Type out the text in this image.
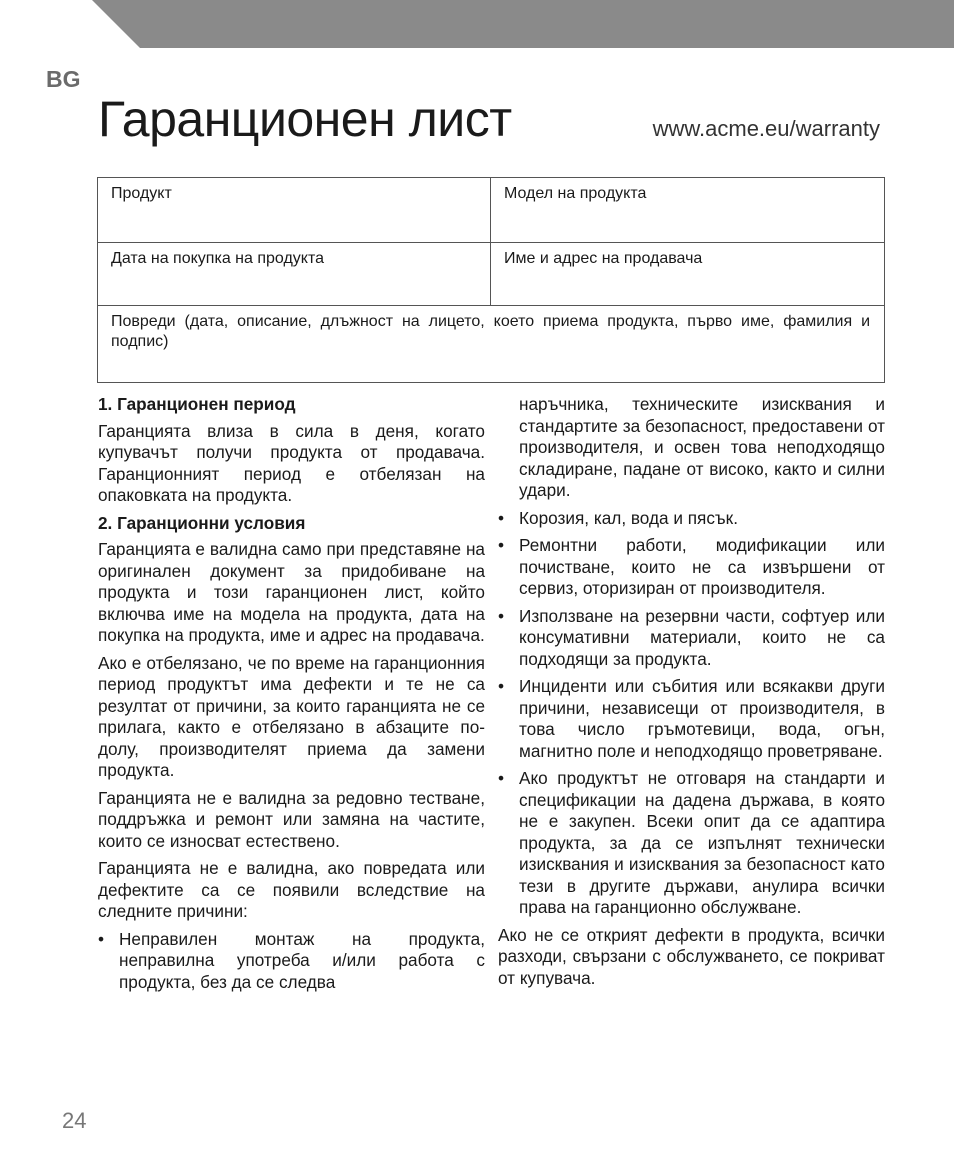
BG
Гаранционен лист	www.acme.eu/warranty
Продукт	Модел на продукта
Дата на покупка на продукта	Име и адрес на продавача
Повреди (дата, описание, длъжност на лицето, което приема продукта, първо име, фамилия и подпис)
1. Гаранционен период

Гаранцията влиза в сила в деня, когато купувачът получи продукта от продавача. Гаранционният период е отбелязан на опаковката на продукта.

2. Гаранционни условия

Гаранцията е валидна само при представяне на оригинален документ за придобиване на продукта и този гаранционен лист, който включва име на модела на продукта, дата на покупка на продукта, име и адрес на продавача.

Ако е отбелязано, че по време на гаранционния период продуктът има дефекти и те не са резултат от причини, за които гаранцията не се прилага, както е отбелязано в абзаците по-долу, производителят приема да замени продукта.

Гаранцията не е валидна за редовно тестване, поддръжка и ремонт или замяна на частите, които се износват естествено.

Гаранцията не е валидна, ако повредата или дефектите са се появили вследствие на следните причини:

• Неправилен монтаж на продукта, неправилна употреба и/или работа с продукта, без да се следва
наръчника, техническите изисквания и стандартите за безопасност, предоставени от производителя, и освен това неподходящо складиране, падане от високо, както и силни удари.
• Корозия, кал, вода и пясък.
• Ремонтни работи, модификации или почистване, които не са извършени от сервиз, оторизиран от производителя.
• Използване на резервни части, софтуер или консумативни материали, които не са подходящи за продукта.
• Инциденти или събития или всякакви други причини, независещи от производителя, в това число гръмотевици, вода, огън, магнитно поле и неподходящо проветряване.
• Ако продуктът не отговаря на стандарти и спецификации на дадена държава, в която не е закупен. Всеки опит да се адаптира продукта, за да се изпълнят технически изисквания и изисквания за безопасност като тези в другите държави, анулира всички права на гаранционно обслужване.

Ако не се открият дефекти в продукта, всички разходи, свързани с обслужването, се покриват от купувача.

24
